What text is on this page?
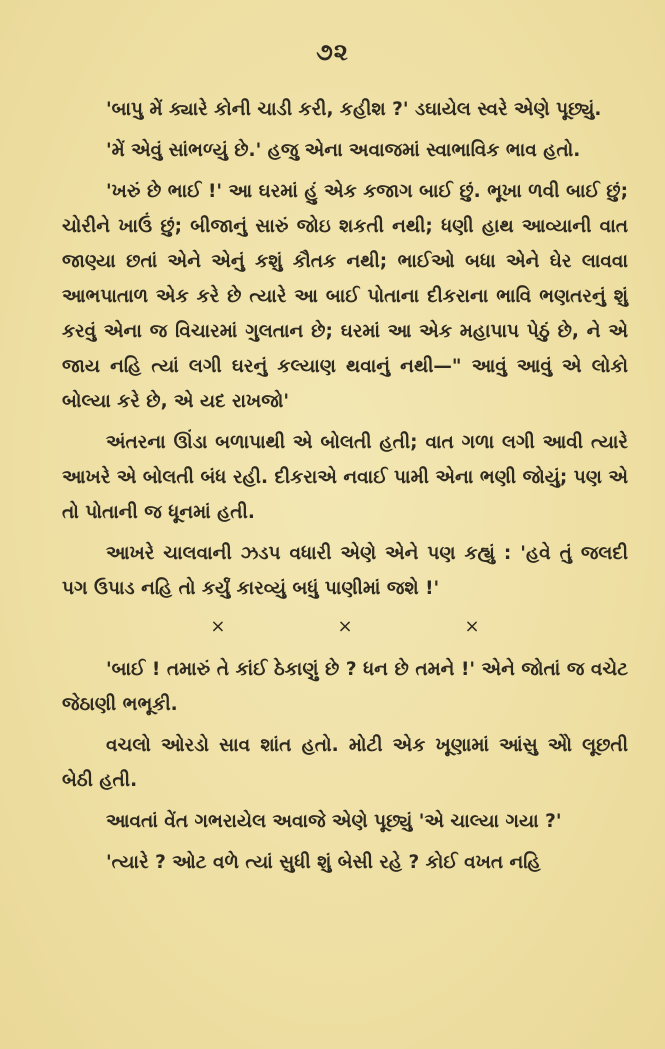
૭૨

'બાપુ મેં ક્યારે કોની ચાડી કરી, કહીશ ?' ડઘાયેલ સ્વરે એણે પૂછ્યું.

'મેં એવું સાંભળ્યું છે.' હજુ એના અવાજમાં સ્વાભાવિક ભાવ હતો.

'ખરું છે ભાઈ !' આ ઘરમાં હું એક કજાગ બાઈ છું. ભૂખા ળવી બાઈ છું; ચોરીને ખાઉં છું; બીજાનું સારું જોઇ શકતી નથી; ધણી હાથ આવ્યાની વાત જાણ્યા છતાં એને એનું કશું કૌતક નથી; ભાઈઓ બધા એને ઘેર લાવવા આભપાતાળ એક કરે છે ત્યારે આ બાઈ પોતાના દીકરાના ભાવિ ભણતરનું શું કરવું એના જ વિચારમાં ગુલતાન છે; ઘરમાં આ એક મહાપાપ પેઠું છે, ને એ જાય નહિ ત્યાં લગી ઘરનું કલ્યાણ થવાનું નથી—" આવું આવું એ લોકો બોલ્યા કરે છે, એ યદ રાખજો'

અંતરના ઊંડા બળાપાથી એ બોલતી હતી; વાત ગળા લગી આવી ત્યારે આખરે એ બોલતી બંધ રહી. દીકરાએ નવાઈ પામી એના ભણી જોયું; પણ એ તો પોતાની જ ધૂનમાં હતી.

આખરે ચાલવાની ઝડપ વધારી એણે એને પણ કહ્યું : 'હવે તું જલદી પગ ઉપાડ નહિ તો કર્યું કારવ્યું બધું પાણીમાં જશે !'

×	×	×

'બાઈ ! તમારું તે કાંઈ ઠેકાણું છે ? ધન છે તમને !' એને જોતાં જ વચેટ જેઠાણી ભભૂકી.

વચલો ઓરડો સાવ શાંત હતો. મોટી એક ખૂણામાં આંસુ એો લૂછતી બેઠી હતી.

આવતાં વેંત ગભરાયેલ અવાજે એણે પૂછ્યું 'એ ચાલ્યા ગયા ?'

'ત્યારે ? ઓટ વળે ત્યાં સુધી શું બેસી રહે ? કોઈ વખત નહિ
